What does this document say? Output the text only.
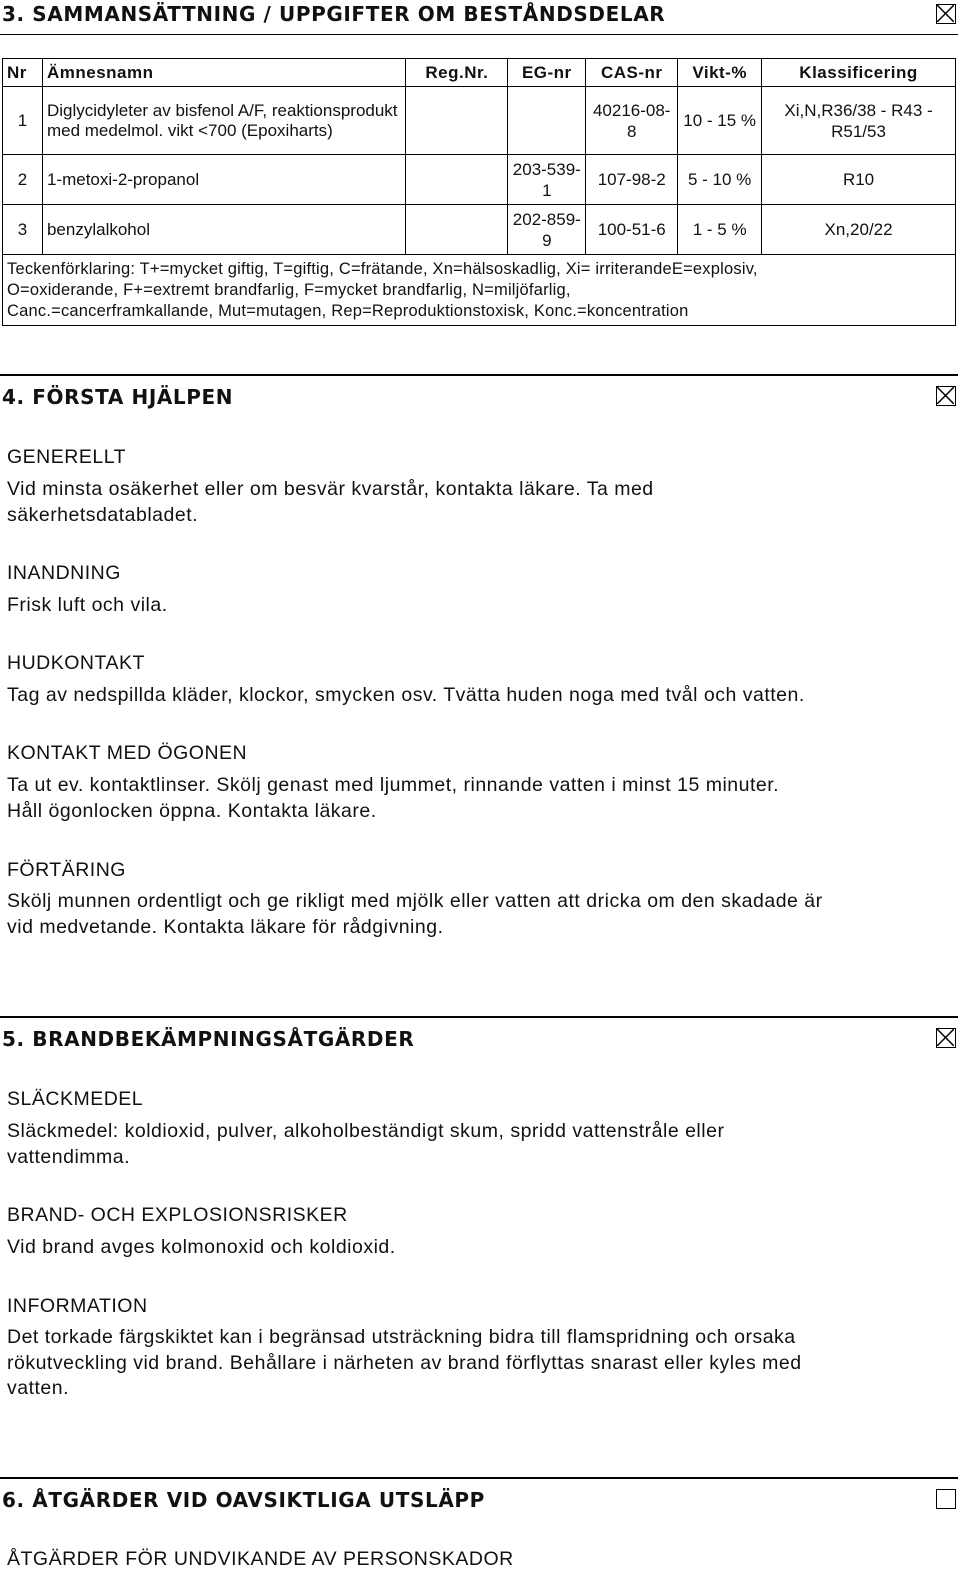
3. SAMMANSÄTTNING / UPPGIFTER OM BESTÅNDSDELAR
Nr	Ämnesnamn	Reg.Nr.	EG-nr	CAS-nr	Vikt-%	Klassificering
1	Diglycidyleter av bisfenol A/F, reaktionsprodukt med medelmol. vikt <700 (Epoxiharts)			40216-08-8	10 - 15 %	Xi,N,R36/38 - R43 - R51/53
2	1-metoxi-2-propanol		203-539-1	107-98-2	5 - 10 %	R10
3	benzylalkohol		202-859-9	100-51-6	1 - 5 %	Xn,20/22

Teckenförklaring: T+=mycket giftig, T=giftig, C=frätande, Xn=hälsoskadlig, Xi= irriterandeE=explosiv,
O=oxiderande, F+=extremt brandfarlig, F=mycket brandfarlig, N=miljöfarlig,
Canc.=cancerframkallande, Mut=mutagen, Rep=Reproduktionstoxisk, Konc.=koncentration						
4. FÖRSTA HJÄLPEN
GENERELLT
Vid minsta osäkerhet eller om besvär kvarstår, kontakta läkare. Ta med
säkerhetsdatabladet.
INANDNING
Frisk luft och vila.
HUDKONTAKT
Tag av nedspillda kläder, klockor, smycken osv. Tvätta huden noga med tvål och vatten.
KONTAKT MED ÖGONEN
Ta ut ev. kontaktlinser. Skölj genast med ljummet, rinnande vatten i minst 15 minuter.
Håll ögonlocken öppna. Kontakta läkare.
FÖRTÄRING
Skölj munnen ordentligt och ge rikligt med mjölk eller vatten att dricka om den skadade är
vid medvetande. Kontakta läkare för rådgivning.
5. BRANDBEKÄMPNINGSÅTGÄRDER
SLÄCKMEDEL
Släckmedel: koldioxid, pulver, alkoholbeständigt skum, spridd vattenstråle eller
vattendimma.
BRAND- OCH EXPLOSIONSRISKER
Vid brand avges kolmonoxid och koldioxid.
INFORMATION
Det torkade färgskiktet kan i begränsad utsträckning bidra till flamspridning och orsaka
rökutveckling vid brand. Behållare i närheten av brand förflyttas snarast eller kyles med
vatten.
6. ÅTGÄRDER VID OAVSIKTLIGA UTSLÄPP
ÅTGÄRDER FÖR UNDVIKANDE AV PERSONSKADOR
